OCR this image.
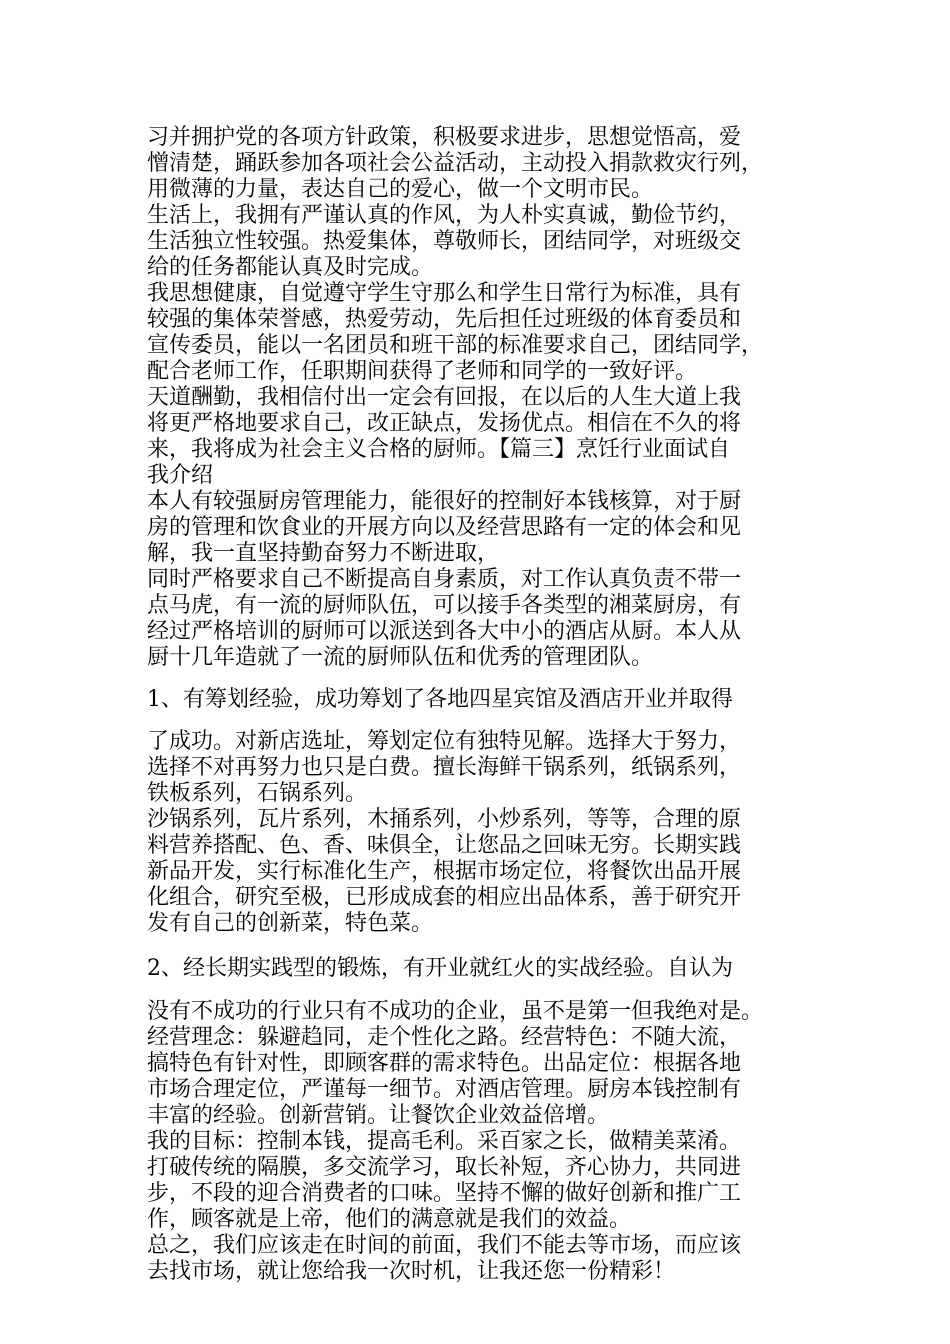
习并拥护党的各项方针政策，积极要求进步，思想觉悟高，爱

憎清楚，踊跃参加各项社会公益活动，主动投入捐款救灾行列，

用微薄的力量，表达自己的爱心，做一个文明市民。

生活上，我拥有严谨认真的作风，为人朴实真诚，勤俭节约，

生活独立性较强。热爱集体，尊敬师长，团结同学，对班级交

给的任务都能认真及时完成。

我思想健康，自觉遵守学生守那么和学生日常行为标准，具有

较强的集体荣誉感，热爱劳动，先后担任过班级的体育委员和

宣传委员，能以一名团员和班干部的标准要求自己，团结同学，

配合老师工作，任职期间获得了老师和同学的一致好评。

天道酬勤，我相信付出一定会有回报，在以后的人生大道上我

将更严格地要求自己，改正缺点，发扬优点。相信在不久的将

来，我将成为社会主义合格的厨师。【篇三】烹饪行业面试自

我介绍

本人有较强厨房管理能力，能很好的控制好本钱核算，对于厨

房的管理和饮食业的开展方向以及经营思路有一定的体会和见

解，我一直坚持勤奋努力不断进取，

同时严格要求自己不断提高自身素质，对工作认真负责不带一

点马虎，有一流的厨师队伍，可以接手各类型的湘菜厨房，有

经过严格培训的厨师可以派送到各大中小的酒店从厨。本人从

厨十几年造就了一流的厨师队伍和优秀的管理团队。

1、有筹划经验，成功筹划了各地四星宾馆及酒店开业并取得

了成功。对新店选址，筹划定位有独特见解。选择大于努力，

选择不对再努力也只是白费。擅长海鲜干锅系列，纸锅系列，

铁板系列，石锅系列。

沙锅系列，瓦片系列，木捅系列，小炒系列，等等，合理的原

料营养搭配、色、香、味俱全，让您品之回味无穷。长期实践

新品开发，实行标准化生产，根据市场定位，将餐饮出品开展

化组合，研究至极，已形成成套的相应出品体系，善于研究开

发有自己的创新菜，特色菜。

2、经长期实践型的锻炼，有开业就红火的实战经验。自认为

没有不成功的行业只有不成功的企业，虽不是第一但我绝对是。

经营理念：躲避趋同，走个性化之路。经营特色：不随大流，

搞特色有针对性，即顾客群的需求特色。出品定位：根据各地

市场合理定位，严谨每一细节。对酒店管理。厨房本钱控制有

丰富的经验。创新营销。让餐饮企业效益倍增。

我的目标：控制本钱，提高毛利。采百家之长，做精美菜淆。

打破传统的隔膜，多交流学习，取长补短，齐心协力，共同进

步，不段的迎合消费者的口味。坚持不懈的做好创新和推广工

作，顾客就是上帝，他们的满意就是我们的效益。

总之，我们应该走在时间的前面，我们不能去等市场，而应该

去找市场，就让您给我一次时机，让我还您一份精彩！
